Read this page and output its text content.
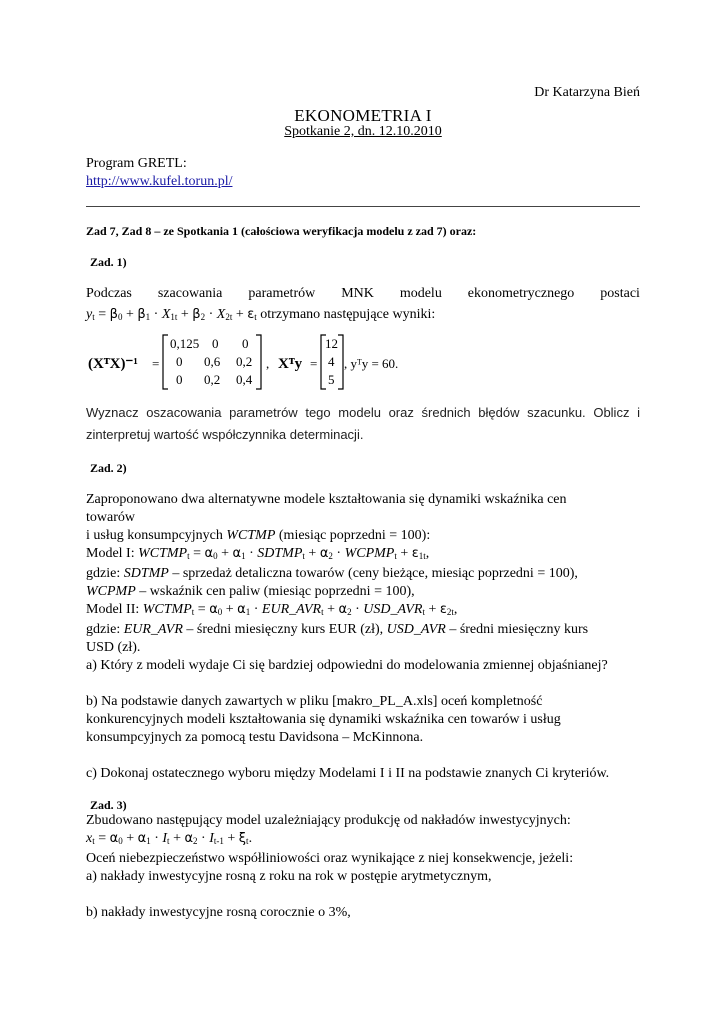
Dr Katarzyna Bień
EKONOMETRIA I
Spotkanie 2, dn. 12.10.2010
Program GRETL:
http://www.kufel.torun.pl/
Zad 7, Zad 8 – ze Spotkania 1 (całościowa weryfikacja modelu z zad 7) oraz:
Zad. 1)
Podczas szacowania parametrów MNK modelu ekonometrycznego postaci
$y_t = \beta_0 + \beta_1 \cdot X_{1t} + \beta_2 \cdot X_{2t} + \varepsilon_t$ otrzymano następujące wyniki:
(XᵀX)⁻¹ =
0,125 0 0
0 0,6 0,2
0 0,2 0,4
, Xᵀy =
12
4
5
, yᵀy = 60.
Wyznacz oszacowania parametrów tego modelu oraz średnich błędów szacunku. Oblicz i
zinterpretuj wartość współczynnika determinacji.
Zad. 2)
Zaproponowano dwa alternatywne modele kształtowania się dynamiki wskaźnika cen
towarów
i usług konsumpcyjnych WCTMP (miesiąc poprzedni = 100):
Model I: $WCTMP_t = \alpha_0 + \alpha_1$ · $SDTMP_t + \alpha_2$ · $WCPMP_t + \varepsilon_{1t}$,
gdzie: SDTMP – sprzedaż detaliczna towarów (ceny bieżące, miesiąc poprzedni = 100),
WCPMP – wskaźnik cen paliw (miesiąc poprzedni = 100),
Model II: $WCTMP_t = \alpha_0 + \alpha_1$ · $EUR\_AVR_t + \alpha_2$ · $USD\_AVR_t + \varepsilon_{2t}$,
gdzie: EUR_AVR – średni miesięczny kurs EUR (zł), USD_AVR – średni miesięczny kurs
USD (zł).
a) Który z modeli wydaje Ci się bardziej odpowiedni do modelowania zmiennej objaśnianej?
b) Na podstawie danych zawartych w pliku [makro_PL_A.xls] oceń kompletność
konkurencyjnych modeli kształtowania się dynamiki wskaźnika cen towarów i usług
konsumpcyjnych za pomocą testu Davidsona – McKinnona.
c) Dokonaj ostatecznego wyboru między Modelami I i II na podstawie znanych Ci kryteriów.
Zad. 3)
Zbudowano następujący model uzależniający produkcję od nakładów inwestycyjnych:
$x_t = \alpha_0 + \alpha_1 \cdot I_t + \alpha_2 \cdot I_{t-1} + \xi_t$.
Oceń niebezpieczeństwo współliniowości oraz wynikające z niej konsekwencje, jeżeli:
a) nakłady inwestycyjne rosną z roku na rok w postępie arytmetycznym,
b) nakłady inwestycyjne rosną corocznie o 3%,
